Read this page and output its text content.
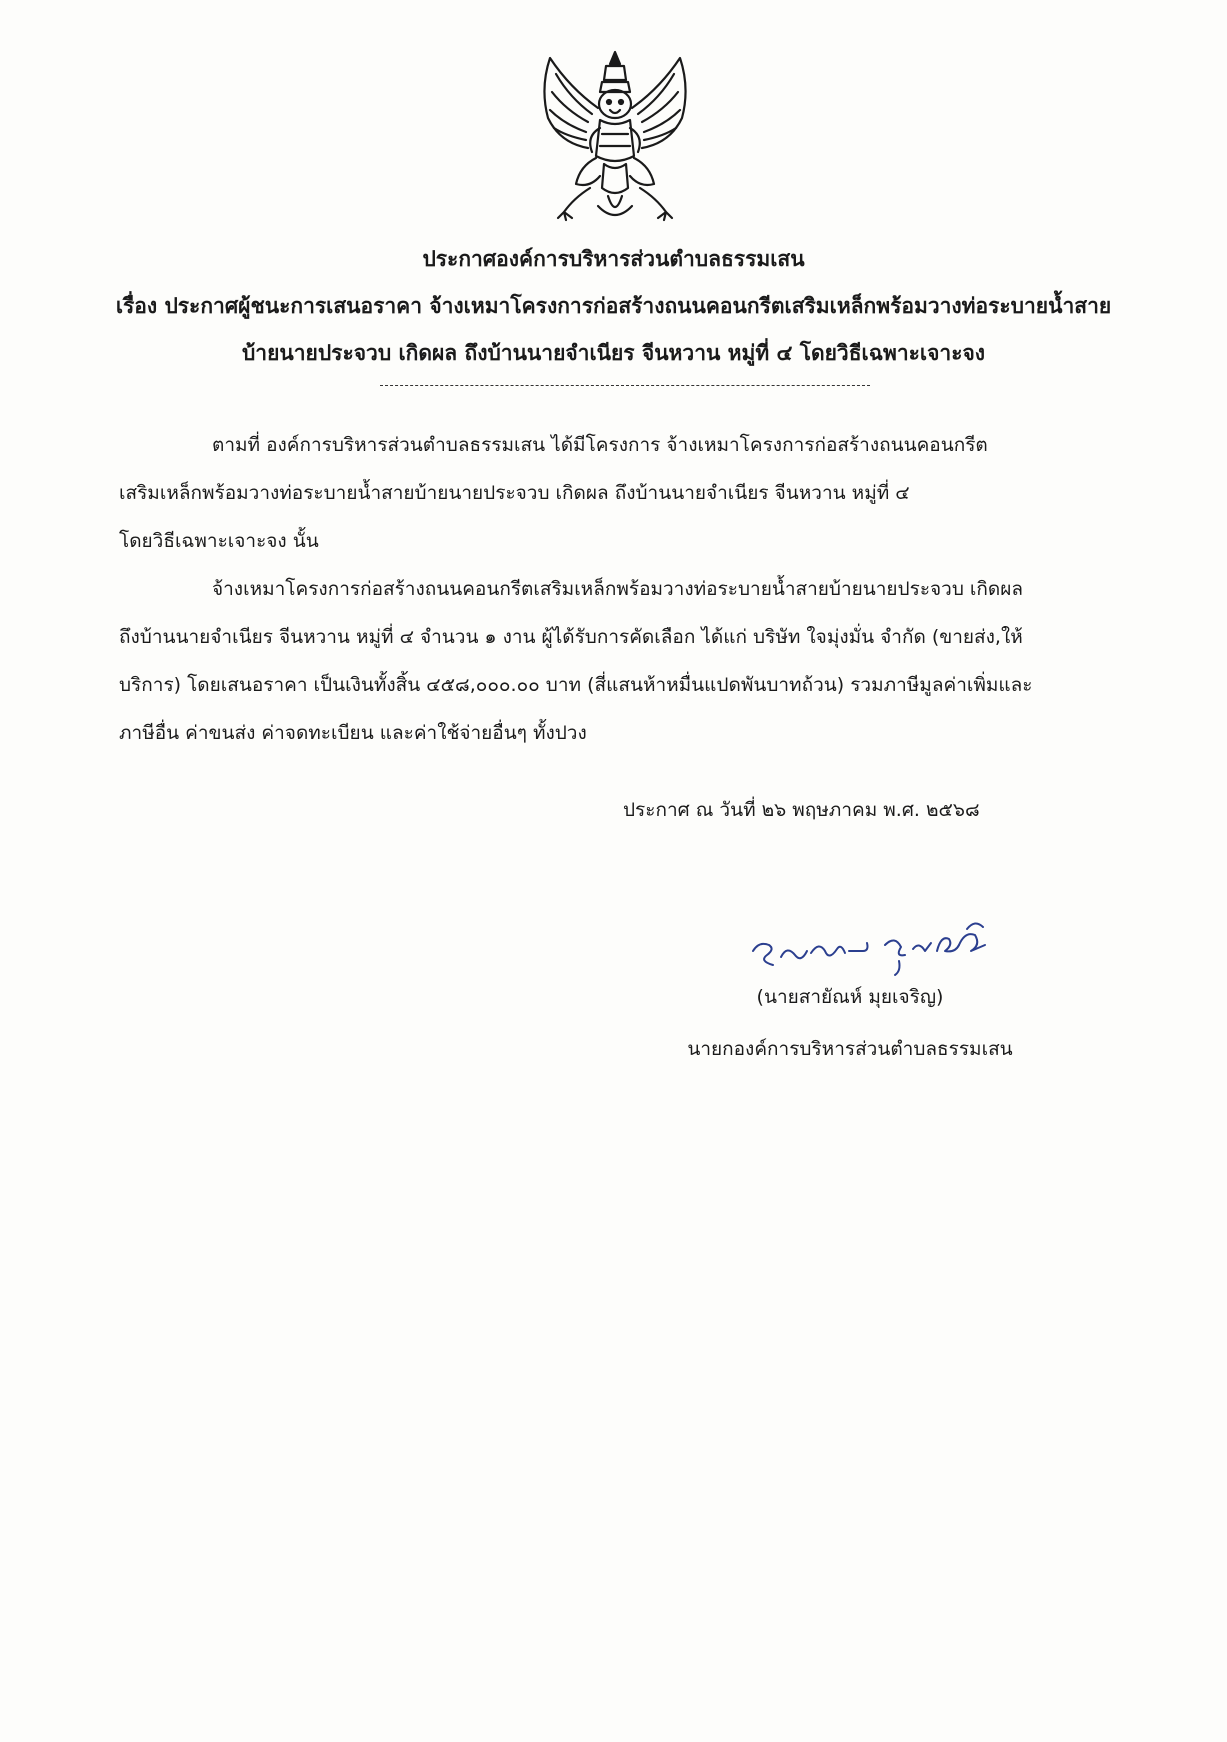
ประกาศองค์การบริหารส่วนตำบลธรรมเสน
เรื่อง ประกาศผู้ชนะการเสนอราคา จ้างเหมาโครงการก่อสร้างถนนคอนกรีตเสริมเหล็กพร้อมวางท่อระบายน้ำสาย
บ้ายนายประจวบ เกิดผล ถึงบ้านนายจำเนียร จีนหวาน หมู่ที่ ๔ โดยวิธีเฉพาะเจาะจง
ตามที่ องค์การบริหารส่วนตำบลธรรมเสน ได้มีโครงการ จ้างเหมาโครงการก่อสร้างถนนคอนกรีต
เสริมเหล็กพร้อมวางท่อระบายน้ำสายบ้ายนายประจวบ เกิดผล ถึงบ้านนายจำเนียร จีนหวาน หมู่ที่ ๔
โดยวิธีเฉพาะเจาะจง นั้น
จ้างเหมาโครงการก่อสร้างถนนคอนกรีตเสริมเหล็กพร้อมวางท่อระบายน้ำสายบ้ายนายประจวบ เกิดผล
ถึงบ้านนายจำเนียร จีนหวาน หมู่ที่ ๔ จำนวน ๑ งาน ผู้ได้รับการคัดเลือก ได้แก่ บริษัท ใจมุ่งมั่น จำกัด (ขายส่ง,ให้
บริการ) โดยเสนอราคา เป็นเงินทั้งสิ้น ๔๕๘,๐๐๐.๐๐ บาท (สี่แสนห้าหมื่นแปดพันบาทถ้วน) รวมภาษีมูลค่าเพิ่มและ
ภาษีอื่น ค่าขนส่ง ค่าจดทะเบียน และค่าใช้จ่ายอื่นๆ ทั้งปวง
ประกาศ ณ วันที่ ๒๖ พฤษภาคม พ.ศ. ๒๕๖๘
(นายสายัณห์ มุยเจริญ)
นายกองค์การบริหารส่วนตำบลธรรมเสน
